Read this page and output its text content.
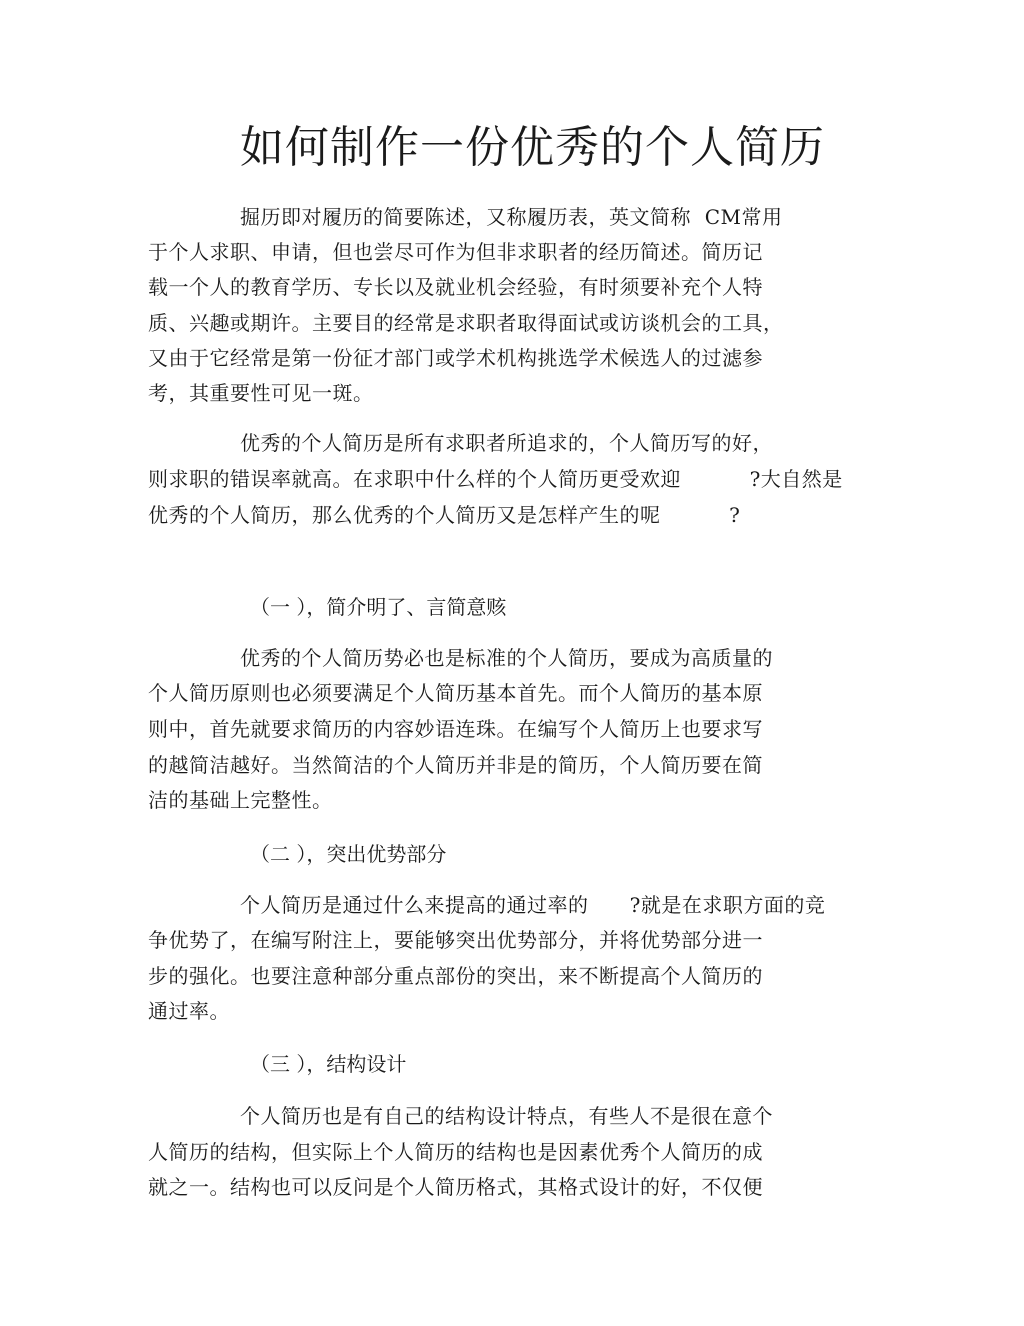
如何制作一份优秀的个人简历
掘历即对履历的简要陈述，又称履历表，英文简称  CM常用
于个人求职、申请，但也尝尽可作为但非求职者的经历简述。简历记
载一个人的教育学历、专长以及就业机会经验，有时须要补充个人特
质、兴趣或期许。主要目的经常是求职者取得面试或访谈机会的工具，
又由于它经常是第一份征才部门或学术机构挑选学术候选人的过滤参
考，其重要性可见一斑。
优秀的个人简历是所有求职者所追求的，个人简历写的好，
则求职的错误率就高。在求职中什么样的个人简历更受欢迎          ?大自然是
优秀的个人简历，那么优秀的个人简历又是怎样产生的呢          ?
（一 ），简介明了、言简意赅
优秀的个人简历势必也是标准的个人简历，要成为高质量的
个人简历原则也必须要满足个人简历基本首先。而个人简历的基本原
则中，首先就要求简历的内容妙语连珠。在编写个人简历上也要求写
的越简洁越好。当然简洁的个人简历并非是的简历，个人简历要在简
洁的基础上完整性。
（二 ），突出优势部分
个人简历是通过什么来提高的通过率的      ?就是在求职方面的竞
争优势了，在编写附注上，要能够突出优势部分，并将优势部分进一
步的强化。也要注意种部分重点部份的突出，来不断提高个人简历的
通过率。
（三 ），结构设计
个人简历也是有自己的结构设计特点，有些人不是很在意个
人简历的结构，但实际上个人简历的结构也是因素优秀个人简历的成
就之一。结构也可以反问是个人简历格式，其格式设计的好，不仅便
